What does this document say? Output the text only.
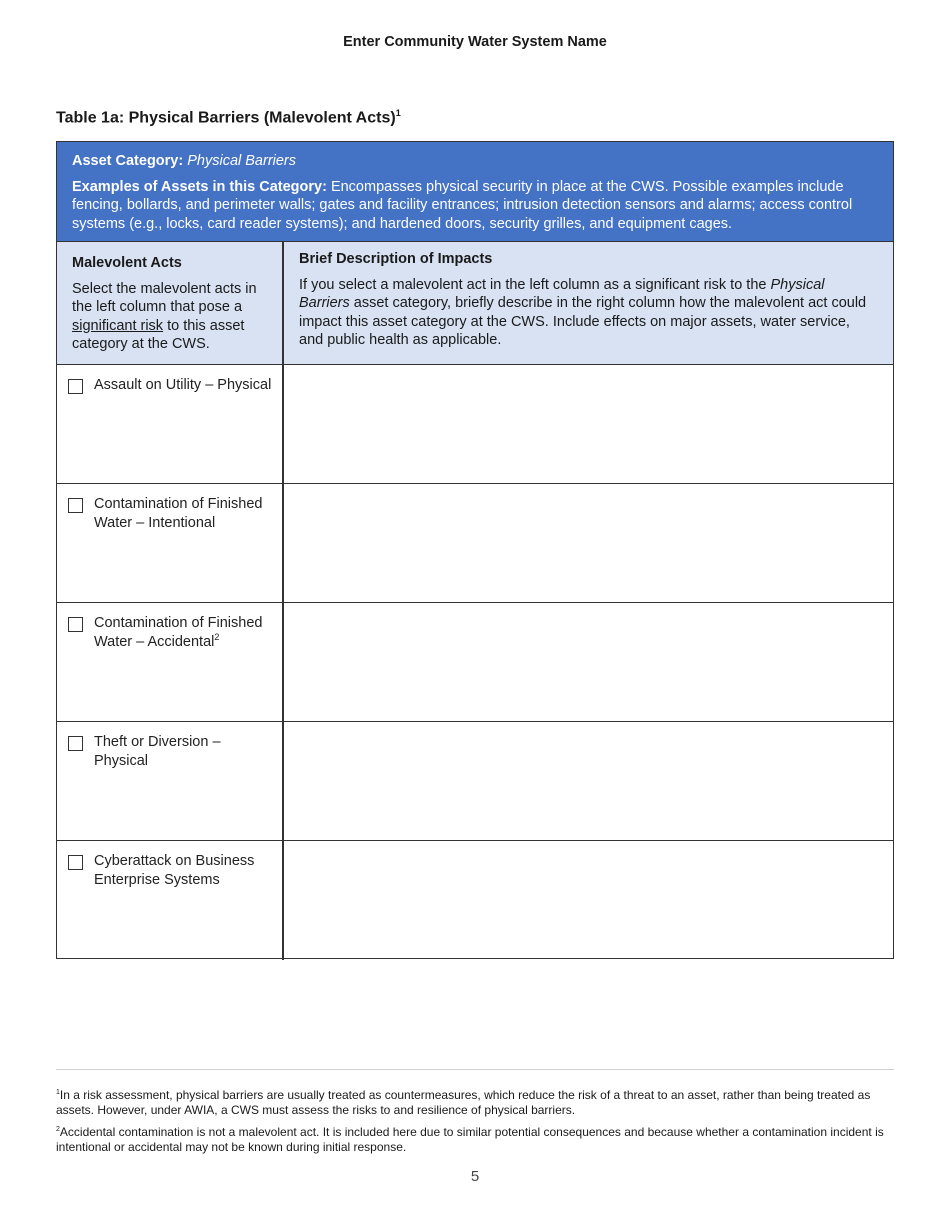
Enter Community Water System Name
Table 1a: Physical Barriers (Malevolent Acts)$^1$
Asset Category: Physical Barriers
Examples of Assets in this Category: Encompasses physical security in place at the CWS. Possible examples include fencing, bollards, and perimeter walls; gates and facility entrances; intrusion detection sensors and alarms; access control systems (e.g., locks, card reader systems); and hardened doors, security grilles, and equipment cages.
Malevolent Acts
Select the malevolent acts in the left column that pose a significant risk to this asset category at the CWS.
Brief Description of Impacts
If you select a malevolent act in the left column as a significant risk to the Physical Barriers asset category, briefly describe in the right column how the malevolent act could impact this asset category at the CWS. Include effects on major assets, water service, and public health as applicable.
Assault on Utility – Physical
Contamination of Finished Water – Intentional
Contamination of Finished Water – Accidental$^2$
Theft or Diversion – Physical
Cyberattack on Business Enterprise Systems
$^1$In a risk assessment, physical barriers are usually treated as countermeasures, which reduce the risk of a threat to an asset, rather than being treated as assets. However, under AWIA, a CWS must assess the risks to and resilience of physical barriers.
$^2$Accidental contamination is not a malevolent act. It is included here due to similar potential consequences and because whether a contamination incident is intentional or accidental may not be known during initial response.
5
